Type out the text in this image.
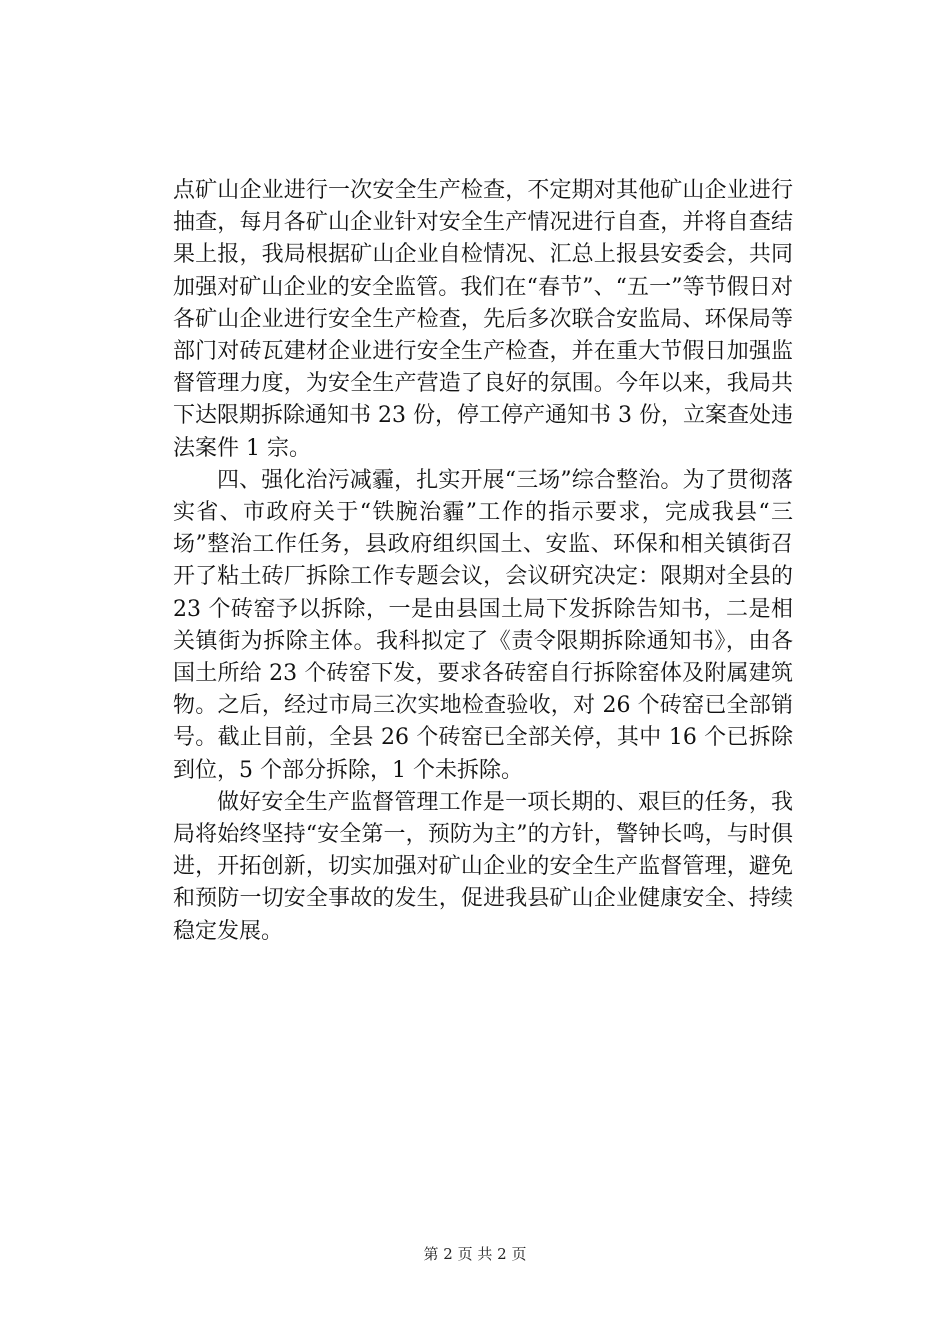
点矿山企业进行一次安全生产检查，不定期对其他矿山企业进行抽查，每月各矿山企业针对安全生产情况进行自查，并将自查结果上报，我局根据矿山企业自检情况、汇总上报县安委会，共同加强对矿山企业的安全监管。我们在“春节”、“五一”等节假日对各矿山企业进行安全生产检查，先后多次联合安监局、环保局等部门对砖瓦建材企业进行安全生产检查，并在重大节假日加强监督管理力度，为安全生产营造了良好的氛围。今年以来，我局共下达限期拆除通知书 23 份，停工停产通知书 3 份，立案查处违法案件 1 宗。

四、强化治污减霾，扎实开展“三场”综合整治。为了贯彻落实省、市政府关于“铁腕治霾”工作的指示要求，完成我县“三场”整治工作任务，县政府组织国土、安监、环保和相关镇街召开了粘土砖厂拆除工作专题会议，会议研究决定：限期对全县的 23 个砖窑予以拆除，一是由县国土局下发拆除告知书，二是相关镇街为拆除主体。我科拟定了《责令限期拆除通知书》，由各国土所给 23 个砖窑下发，要求各砖窑自行拆除窑体及附属建筑物。之后，经过市局三次实地检查验收，对 26 个砖窑已全部销号。截止目前，全县 26 个砖窑已全部关停，其中 16 个已拆除到位，5 个部分拆除，1 个未拆除。

做好安全生产监督管理工作是一项长期的、艰巨的任务，我局将始终坚持“安全第一，预防为主”的方针，警钟长鸣，与时俱进，开拓创新，切实加强对矿山企业的安全生产监督管理，避免和预防一切安全事故的发生，促进我县矿山企业健康安全、持续稳定发展。

第 2 页 共 2 页
